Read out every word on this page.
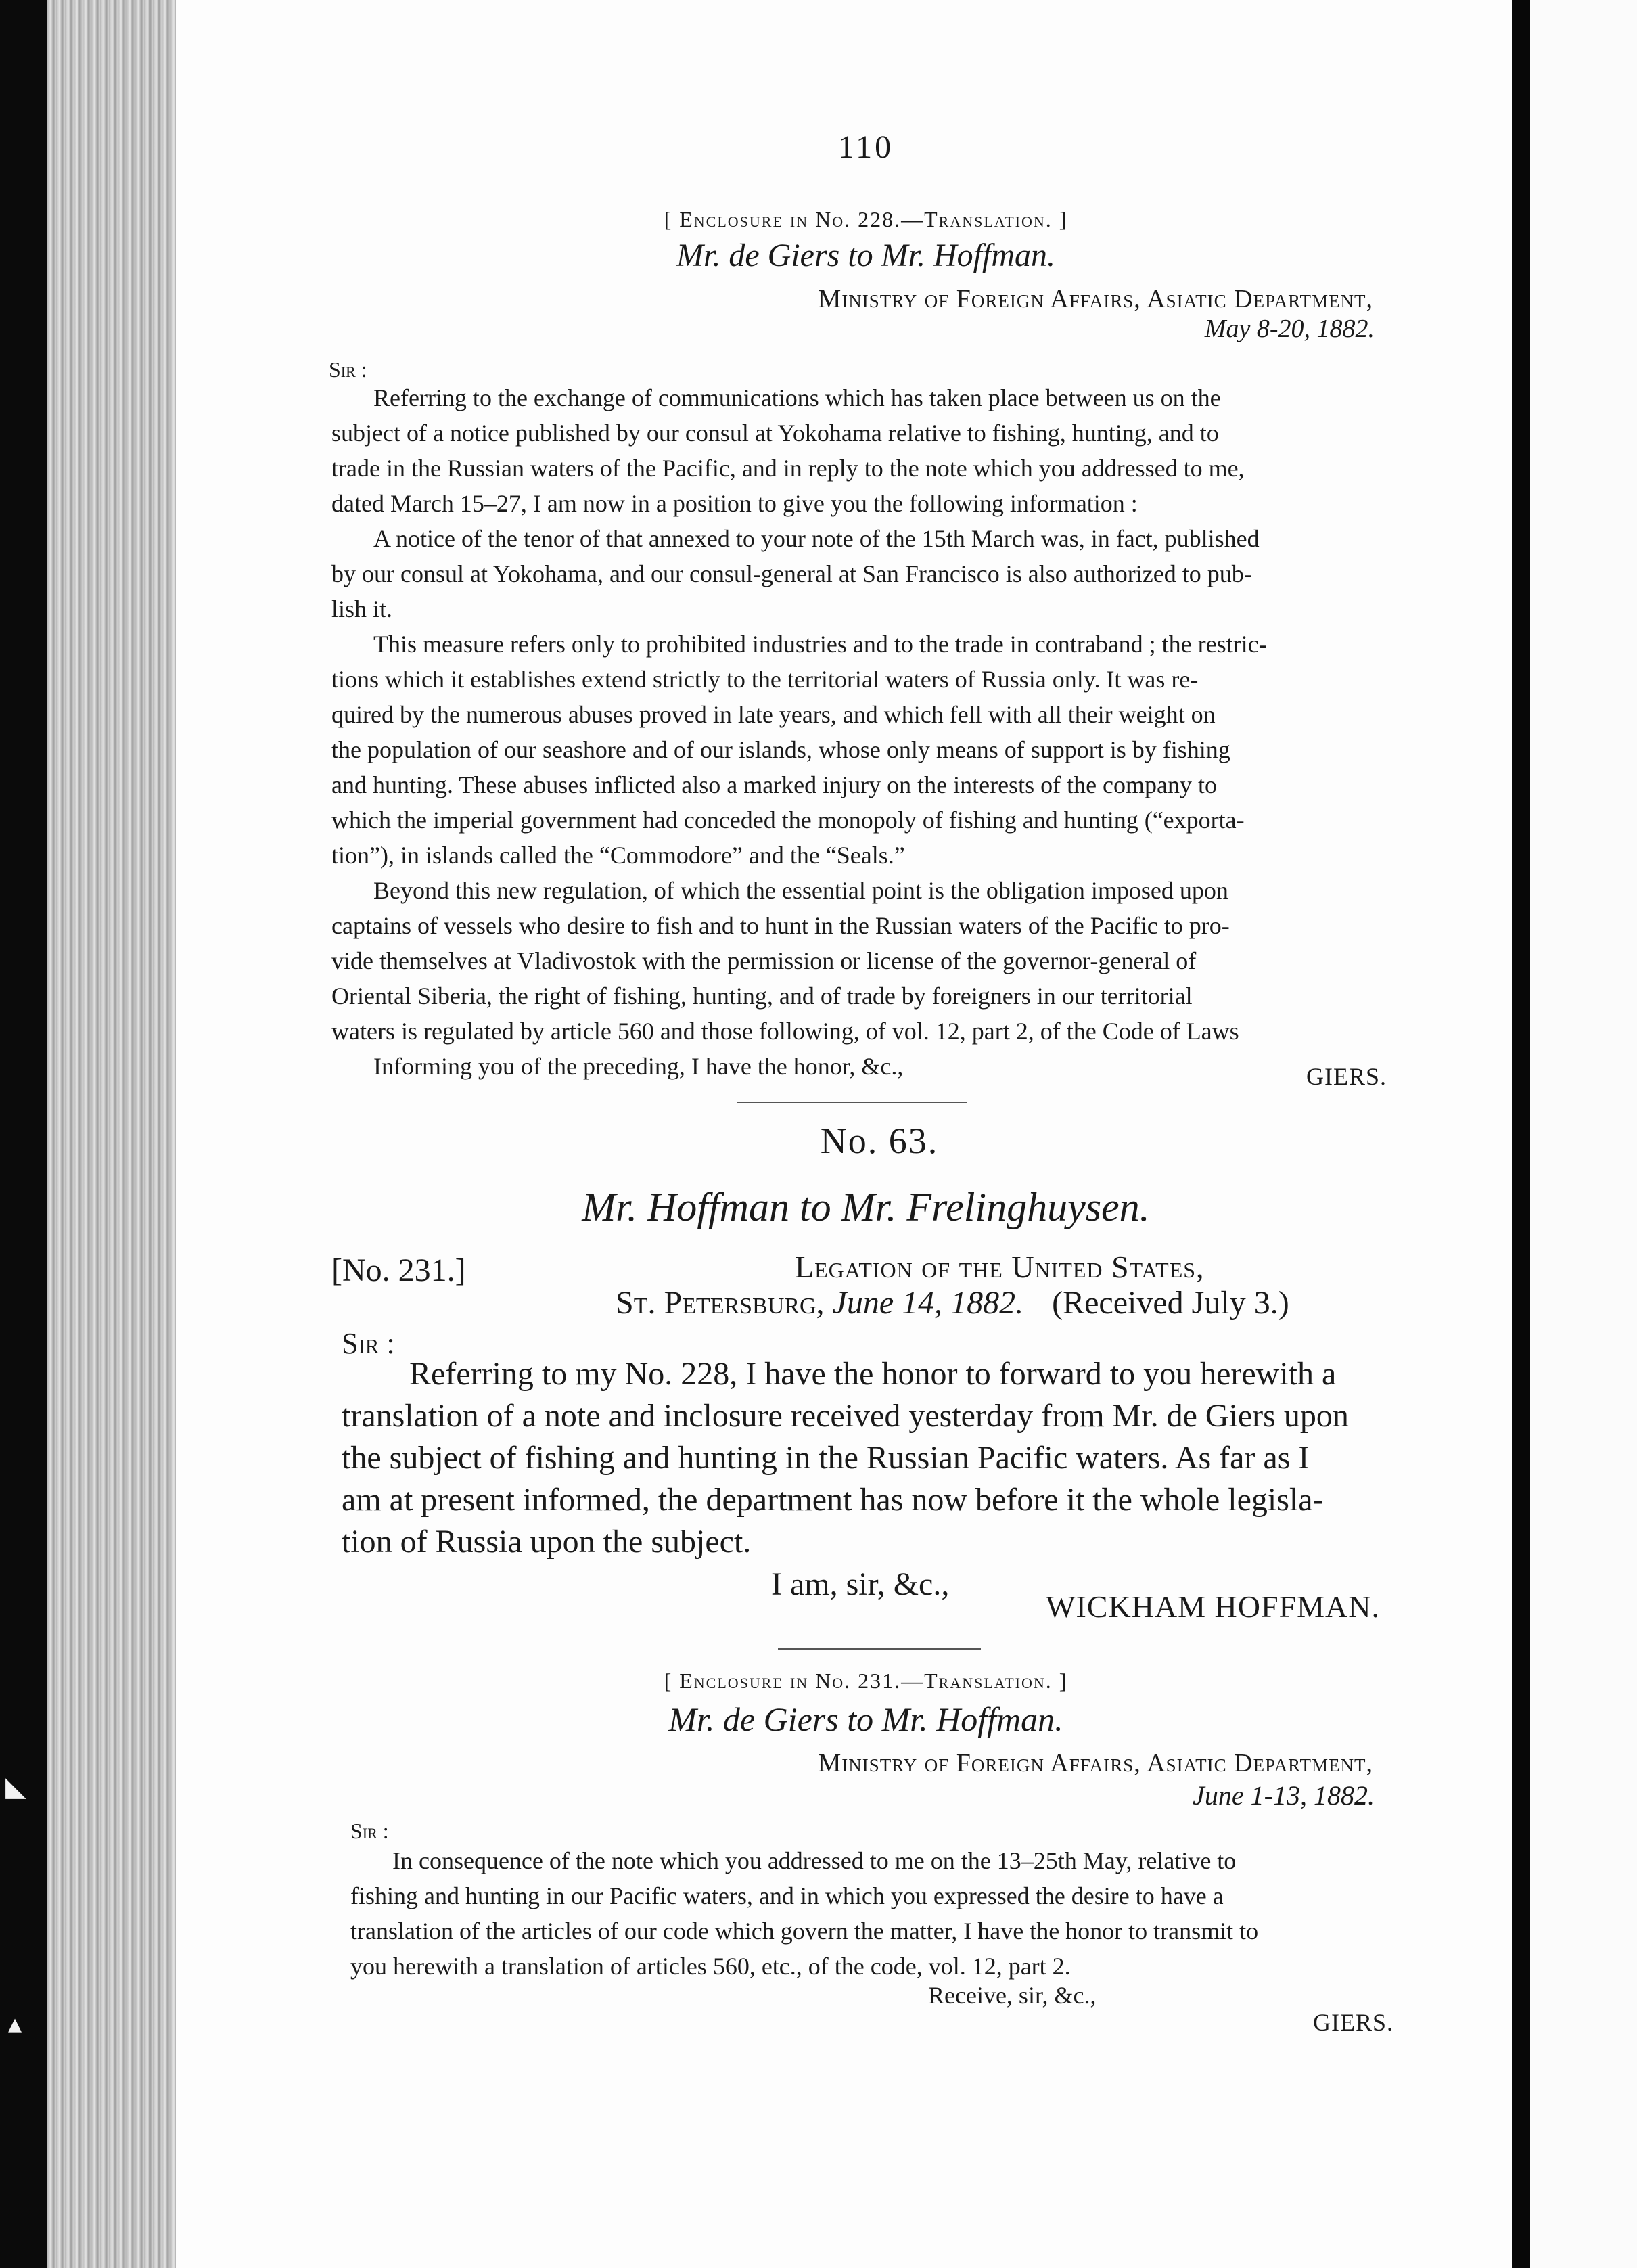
◣
▴
110
[ Enclosure in No. 228.—Translation. ]
Mr. de Giers to Mr. Hoffman.
Ministry of Foreign Affairs, Asiatic Department,
May 8-20, 1882.
Sir :

Referring to the exchange of communications which has taken place between us on the

subject of a notice published by our consul at Yokohama relative to fishing, hunting, and to

trade in the Russian waters of the Pacific, and in reply to the note which you addressed to me,

dated March 15–27, I am now in a position to give you the following information :

A notice of the tenor of that annexed to your note of the 15th March was, in fact, published

by our consul at Yokohama, and our consul-general at San Francisco is also authorized to pub-

lish it.

This measure refers only to prohibited industries and to the trade in contraband ; the restric-

tions which it establishes extend strictly to the territorial waters of Russia only. It was re-

quired by the numerous abuses proved in late years, and which fell with all their weight on

the population of our seashore and of our islands, whose only means of support is by fishing

and hunting. These abuses inflicted also a marked injury on the interests of the company to

which the imperial government had conceded the monopoly of fishing and hunting (“exporta-

tion”), in islands called the “Commodore” and the “Seals.”

Beyond this new regulation, of which the essential point is the obligation imposed upon

captains of vessels who desire to fish and to hunt in the Russian waters of the Pacific to pro-

vide themselves at Vladivostok with the permission or license of the governor-general of

Oriental Siberia, the right of fishing, hunting, and of trade by foreigners in our territorial

waters is regulated by article 560 and those following, of vol. 12, part 2, of the Code of Laws

Informing you of the preceding, I have the honor, &c.,	GIERS.
No. 63.
Mr. Hoffman to Mr. Frelinghuysen.
[No. 231.]	Legation of the United States,
St. Petersburg, June 14, 1882. (Received July 3.)
Sir :

Referring to my No. 228, I have the honor to forward to you herewith a

translation of a note and inclosure received yesterday from Mr. de Giers upon

the subject of fishing and hunting in the Russian Pacific waters. As far as I

am at present informed, the department has now before it the whole legisla-

tion of Russia upon the subject.

I am, sir, &c.,
WICKHAM HOFFMAN.
[ Enclosure in No. 231.—Translation. ]
Mr. de Giers to Mr. Hoffman.
Ministry of Foreign Affairs, Asiatic Department,
June 1-13, 1882.
Sir :

In consequence of the note which you addressed to me on the 13–25th May, relative to

fishing and hunting in our Pacific waters, and in which you expressed the desire to have a

translation of the articles of our code which govern the matter, I have the honor to transmit to

you herewith a translation of articles 560, etc., of the code, vol. 12, part 2.

Receive, sir, &c.,
GIERS.
